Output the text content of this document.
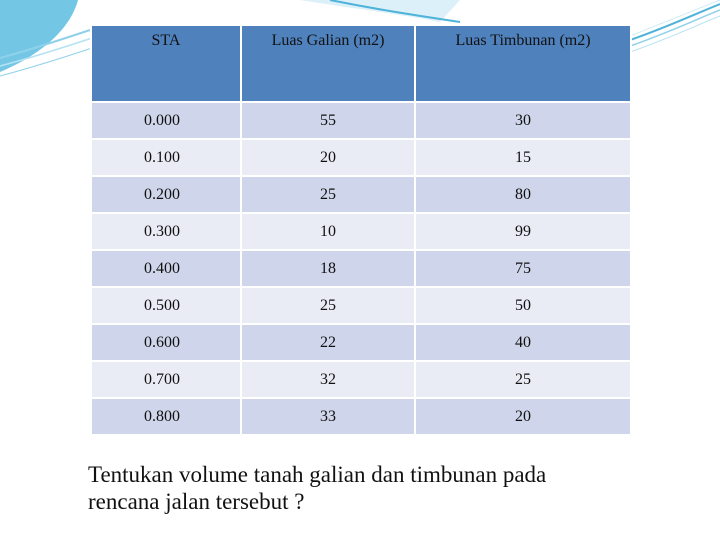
STA	Luas Galian (m2)	Luas Timbunan (m2)
0.000	55	30
0.100	20	15
0.200	25	80
0.300	10	99
0.400	18	75
0.500	25	50
0.600	22	40
0.700	32	25
0.800	33	20
Tentukan volume tanah galian dan timbunan pada
rencana jalan tersebut ?
